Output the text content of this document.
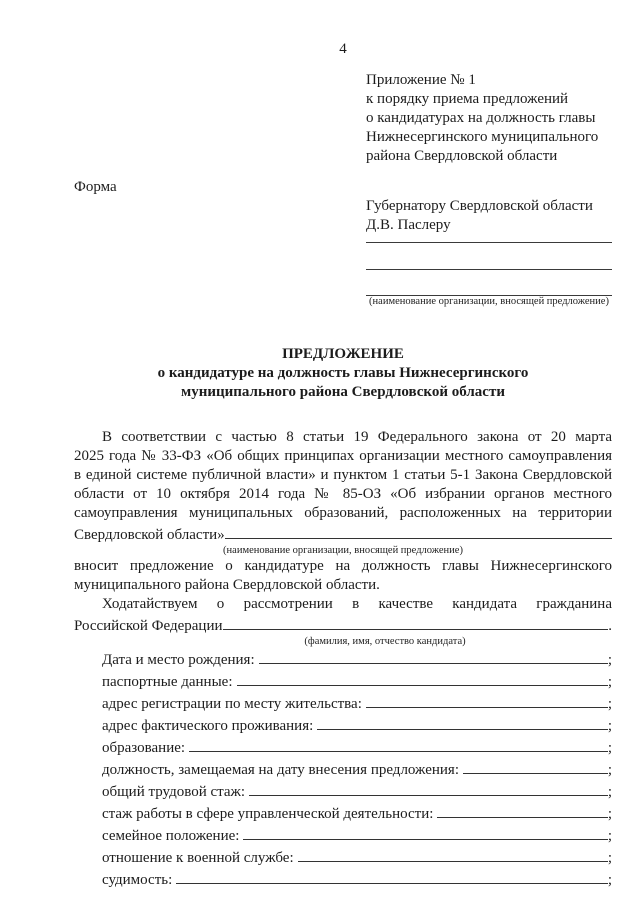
4
Приложение № 1
к порядку приема предложений
о кандидатурах на должность главы
Нижнесергинского муниципального
района Свердловской области
Форма
Губернатору Свердловской области
Д.В. Паслеру
(наименование организации, вносящей предложение)
ПРЕДЛОЖЕНИЕ
о кандидатуре на должность главы Нижнесергинского
муниципального района Свердловской области
В соответствии с частью 8 статьи 19 Федерального закона от 20 марта
2025 года № 33-ФЗ «Об общих принципах организации местного самоуправления
в единой системе публичной власти» и пунктом 1 статьи 5-1 Закона Свердловской
области от 10 октября 2014 года № 85-ОЗ «Об избрании органов местного
самоуправления муниципальных образований, расположенных на территории
Свердловской области»
(наименование организации, вносящей предложение)
вносит предложение о кандидатуре на должность главы Нижнесергинского
муниципального района Свердловской области.
Ходатайствуем о рассмотрении в качестве кандидата гражданина
Российской Федерации	.
(фамилия, имя, отчество кандидата)
Дата и место рождения:	;
паспортные данные:	;
адрес регистрации по месту жительства:	;
адрес фактического проживания:	;
образование:	;
должность, замещаемая на дату внесения предложения:	;
общий трудовой стаж:	;
стаж работы в сфере управленческой деятельности:	;
семейное положение:	;
отношение к военной службе:	;
судимость:	;
